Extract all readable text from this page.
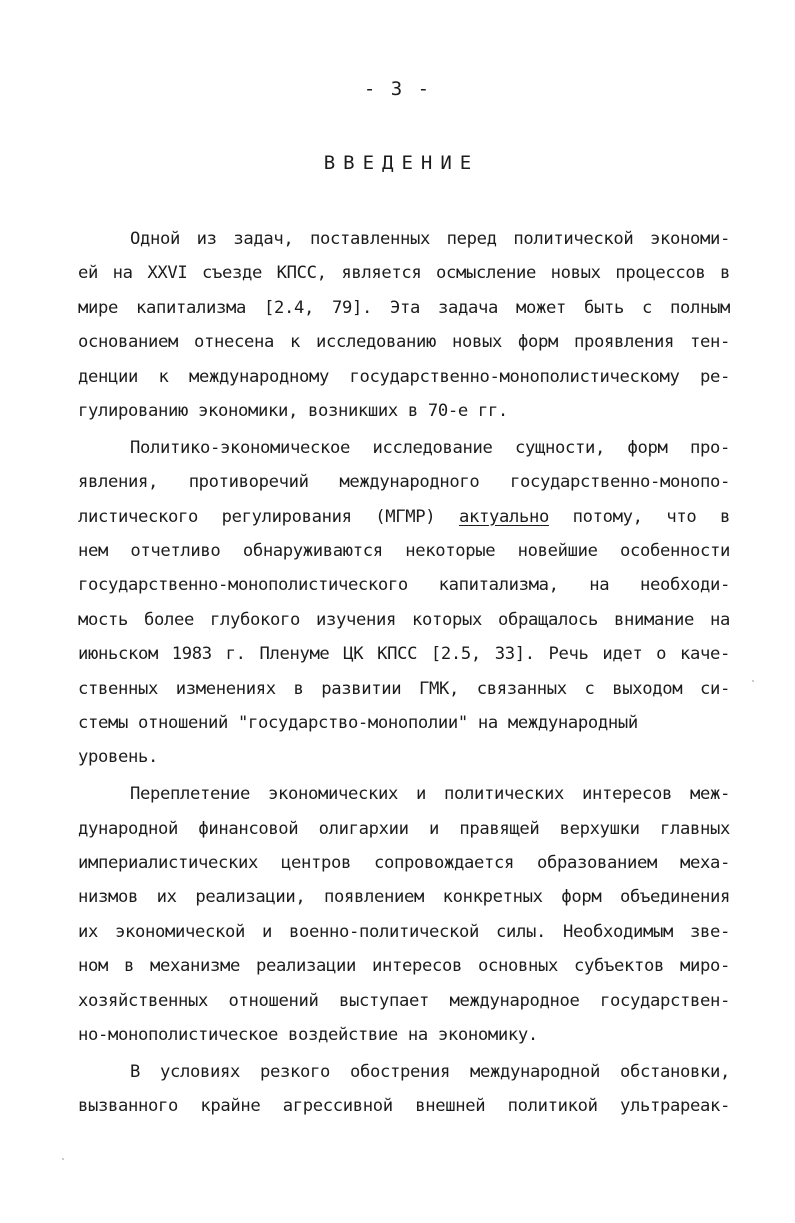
- 3 -
ВВЕДЕНИЕ
Одной из задач, поставленных перед политической экономи-
ей на XXVI съезде КПСС, является осмысление новых процессов в
мире капитализма [2.4, 79]. Эта задача может быть с полным
основанием отнесена к исследованию новых форм проявления тен-
денции к международному государственно-монополистическому ре-
гулированию экономики, возникших в 70-е гг.
Политико-экономическое исследование сущности, форм про-
явления, противоречий международного государственно-монопо-
листического регулирования (МГМР) актуально потому, что в
нем отчетливо обнаруживаются некоторые новейшие особенности
государственно-монополистического капитализма, на необходи-
мость более глубокого изучения которых обращалось внимание на
июньском 1983 г. Пленуме ЦК КПСС [2.5, 33]. Речь идет о каче-
ственных изменениях в развитии ГМК, связанных с выходом си-
стемы отношений "государство-монополии" на международный
уровень.
Переплетение экономических и политических интересов меж-
дународной финансовой олигархии и правящей верхушки главных
империалистических центров сопровождается образованием меха-
низмов их реализации, появлением конкретных форм объединения
их экономической и военно-политической силы. Необходимым зве-
ном в механизме реализации интересов основных субъектов миро-
хозяйственных отношений выступает международное государствен-
но-монополистическое воздействие на экономику.
В условиях резкого обострения международной обстановки,
вызванного крайне агрессивной внешней политикой ультрареак-
